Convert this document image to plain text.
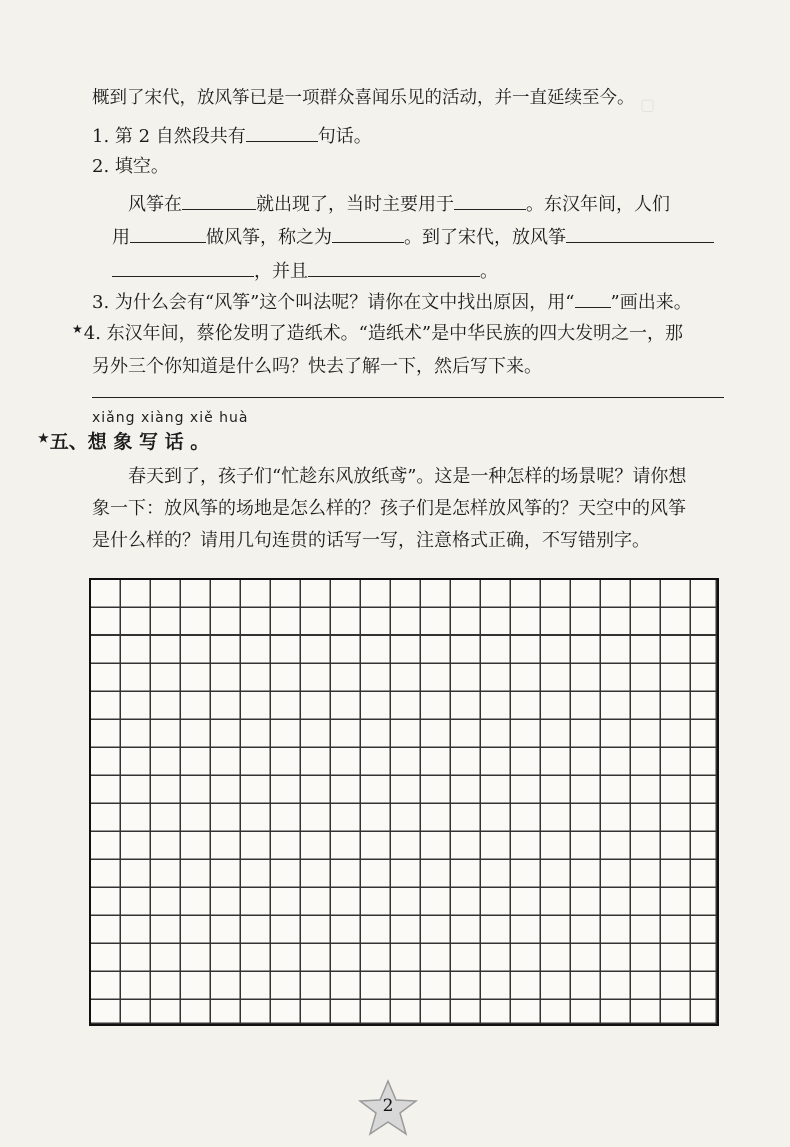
▢
概到了宋代，放风筝已是一项群众喜闻乐见的活动，并一直延续至今。
1. 第 2 自然段共有	句话。
2. 填空。
风筝在	就出现了，当时主要用于	。东汉年间，人们
用	做风筝，称之为	。到了宋代，放风筝
，并且	。
3. 为什么会有“风筝”这个叫法呢？请你在文中找出原因，用“ ”画出来。
★4. 东汉年间，蔡伦发明了造纸术。“造纸术”是中华民族的四大发明之一，那
另外三个你知道是什么吗？快去了解一下，然后写下来。
xiǎng xiàng xiě huà
★五、想 象 写 话 。
春天到了，孩子们“忙趁东风放纸鸢”。这是一种怎样的场景呢？请你想
象一下：放风筝的场地是怎么样的？孩子们是怎样放风筝的？天空中的风筝
是什么样的？请用几句连贯的话写一写，注意格式正确，不写错别字。
2
